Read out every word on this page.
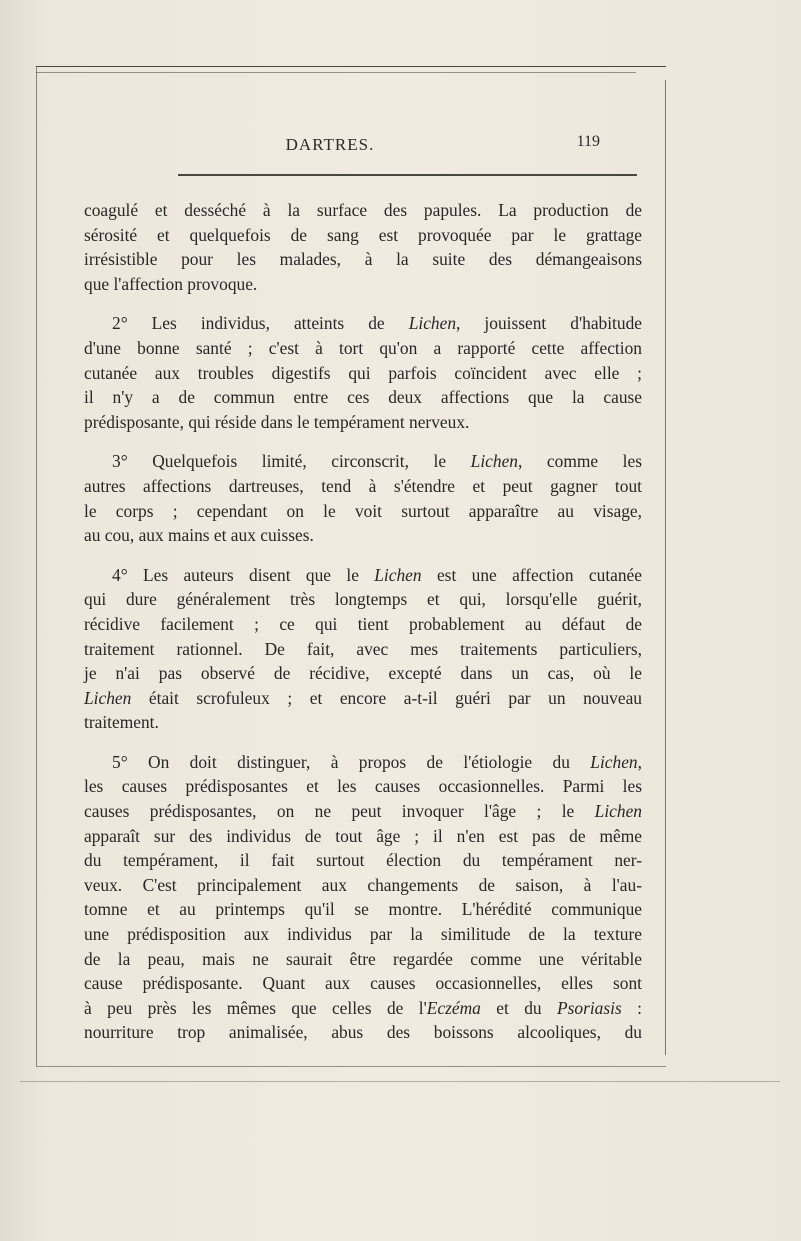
DARTRES.	119

coagulé et desséché à la surface des papules. La production de
sérosité et quelquefois de sang est provoquée par le grattage
irrésistible pour les malades, à la suite des démangeaisons
que l'affection provoque.

2° Les individus, atteints de Lichen, jouissent d'habitude
d'une bonne santé ; c'est à tort qu'on a rapporté cette affection
cutanée aux troubles digestifs qui parfois coïncident avec elle ;
il n'y a de commun entre ces deux affections que la cause
prédisposante, qui réside dans le tempérament nerveux.

3° Quelquefois limité, circonscrit, le Lichen, comme les
autres affections dartreuses, tend à s'étendre et peut gagner tout
le corps ; cependant on le voit surtout apparaître au visage,
au cou, aux mains et aux cuisses.

4° Les auteurs disent que le Lichen est une affection cutanée
qui dure généralement très longtemps et qui, lorsqu'elle guérit,
récidive facilement ; ce qui tient probablement au défaut de
traitement rationnel. De fait, avec mes traitements particuliers,
je n'ai pas observé de récidive, excepté dans un cas, où le
Lichen était scrofuleux ; et encore a-t-il guéri par un nouveau
traitement.

5° On doit distinguer, à propos de l'étiologie du Lichen,
les causes prédisposantes et les causes occasionnelles. Parmi les
causes prédisposantes, on ne peut invoquer l'âge ; le Lichen
apparaît sur des individus de tout âge ; il n'en est pas de même
du tempérament, il fait surtout élection du tempérament ner-
veux. C'est principalement aux changements de saison, à l'au-
tomne et au printemps qu'il se montre. L'hérédité communique
une prédisposition aux individus par la similitude de la texture
de la peau, mais ne saurait être regardée comme une véritable
cause prédisposante. Quant aux causes occasionnelles, elles sont
à peu près les mêmes que celles de l'Eczéma et du Psoriasis :
nourriture trop animalisée, abus des boissons alcooliques, du
